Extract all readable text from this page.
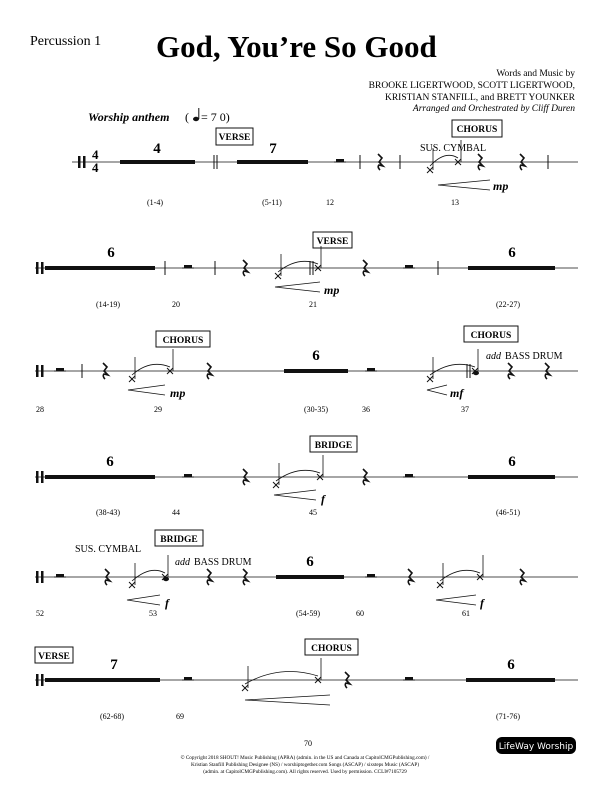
Percussion 1 God, You’re So Good
Words and Music by
BROOKE LIGERTWOOD, SCOTT LIGERTWOOD,
KRISTIAN STANFILL, and BRETT YOUNKER
Arranged and Orchestrated by Cliff Duren
Worship anthem ( = 7 0)
4
4
4
VERSE
7
CHORUS
SUS. CYMBAL
mp
(1-4)	(5-11)	12	13
6
VERSE
mp
6
(14-19)	20	21	(22-27)
CHORUS
mp
6
CHORUS
add BASS DRUM
mf
28	29	(30-35)	36	37
6
BRIDGE
f
6
(38-43)	44	45	(46-51)
SUS. CYMBAL
BRIDGE
add BASS DRUM
f
6
f
52	53	(54-59)	60	61
VERSE	7
CHORUS
6
(62-68)	69
70
(71-76)
© Copyright 2018 SHOUT! Music Publishing (APRA) (admin. in the US and Canada at CapitolCMGPublishing.com) /
Kristian Stanfill Publishing Designee (NS) / worshiptogether.com Songs (ASCAP) / sixsteps Music (ASCAP)
(admin. at CapitolCMGPublishing.com). All rights reserved. Used by permission. CCLI#7105729
LifeWay Worship
